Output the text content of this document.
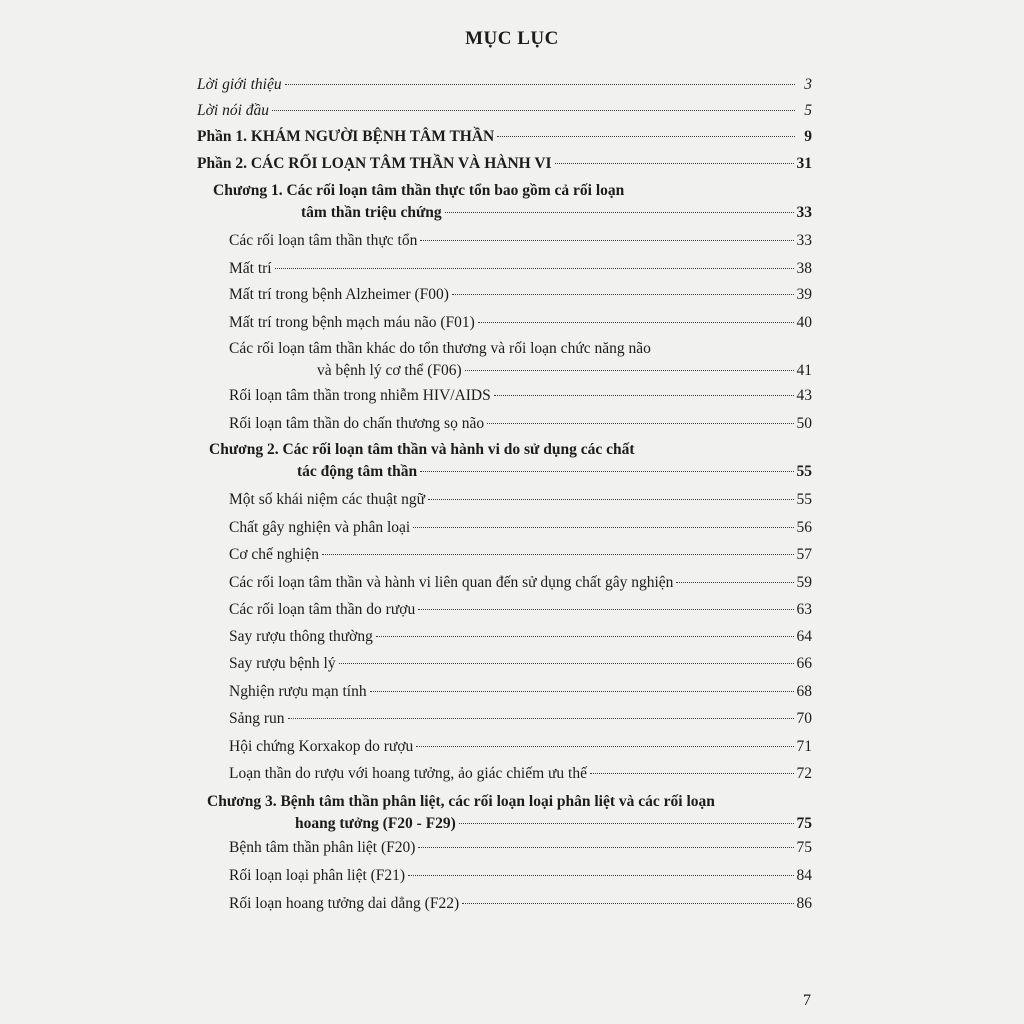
MỤC LỤC
Lời giới thiệu	3
Lời nói đầu	5
Phần 1. KHÁM NGƯỜI BỆNH TÂM THẦN	9
Phần 2. CÁC RỐI LOẠN TÂM THẦN VÀ HÀNH VI	31
Chương 1. Các rối loạn tâm thần thực tổn bao gồm cả rối loạn
tâm thần triệu chứng	33
Các rối loạn tâm thần thực tổn	33
Mất trí	38
Mất trí trong bệnh Alzheimer (F00)	39
Mất trí trong bệnh mạch máu não (F01)	40
Các rối loạn tâm thần khác do tổn thương và rối loạn chức năng não
và bệnh lý cơ thể (F06)	41
Rối loạn tâm thần trong nhiễm HIV/AIDS	43
Rối loạn tâm thần do chấn thương sọ não	50
Chương 2. Các rối loạn tâm thần và hành vi do sử dụng các chất
tác động tâm thần	55
Một số khái niệm các thuật ngữ	55
Chất gây nghiện và phân loại	56
Cơ chế nghiện	57
Các rối loạn tâm thần và hành vi liên quan đến sử dụng chất gây nghiện	59
Các rối loạn tâm thần do rượu	63
Say rượu thông thường	64
Say rượu bệnh lý	66
Nghiện rượu mạn tính	68
Sảng run	70
Hội chứng Korxakop do rượu	71
Loạn thần do rượu với hoang tưởng, ảo giác chiếm ưu thế	72
Chương 3. Bệnh tâm thần phân liệt, các rối loạn loại phân liệt và các rối loạn
hoang tưởng (F20 - F29)	75
Bệnh tâm thần phân liệt (F20)	75
Rối loạn loại phân liệt (F21)	84
Rối loạn hoang tưởng dai dẳng (F22)	86
7
